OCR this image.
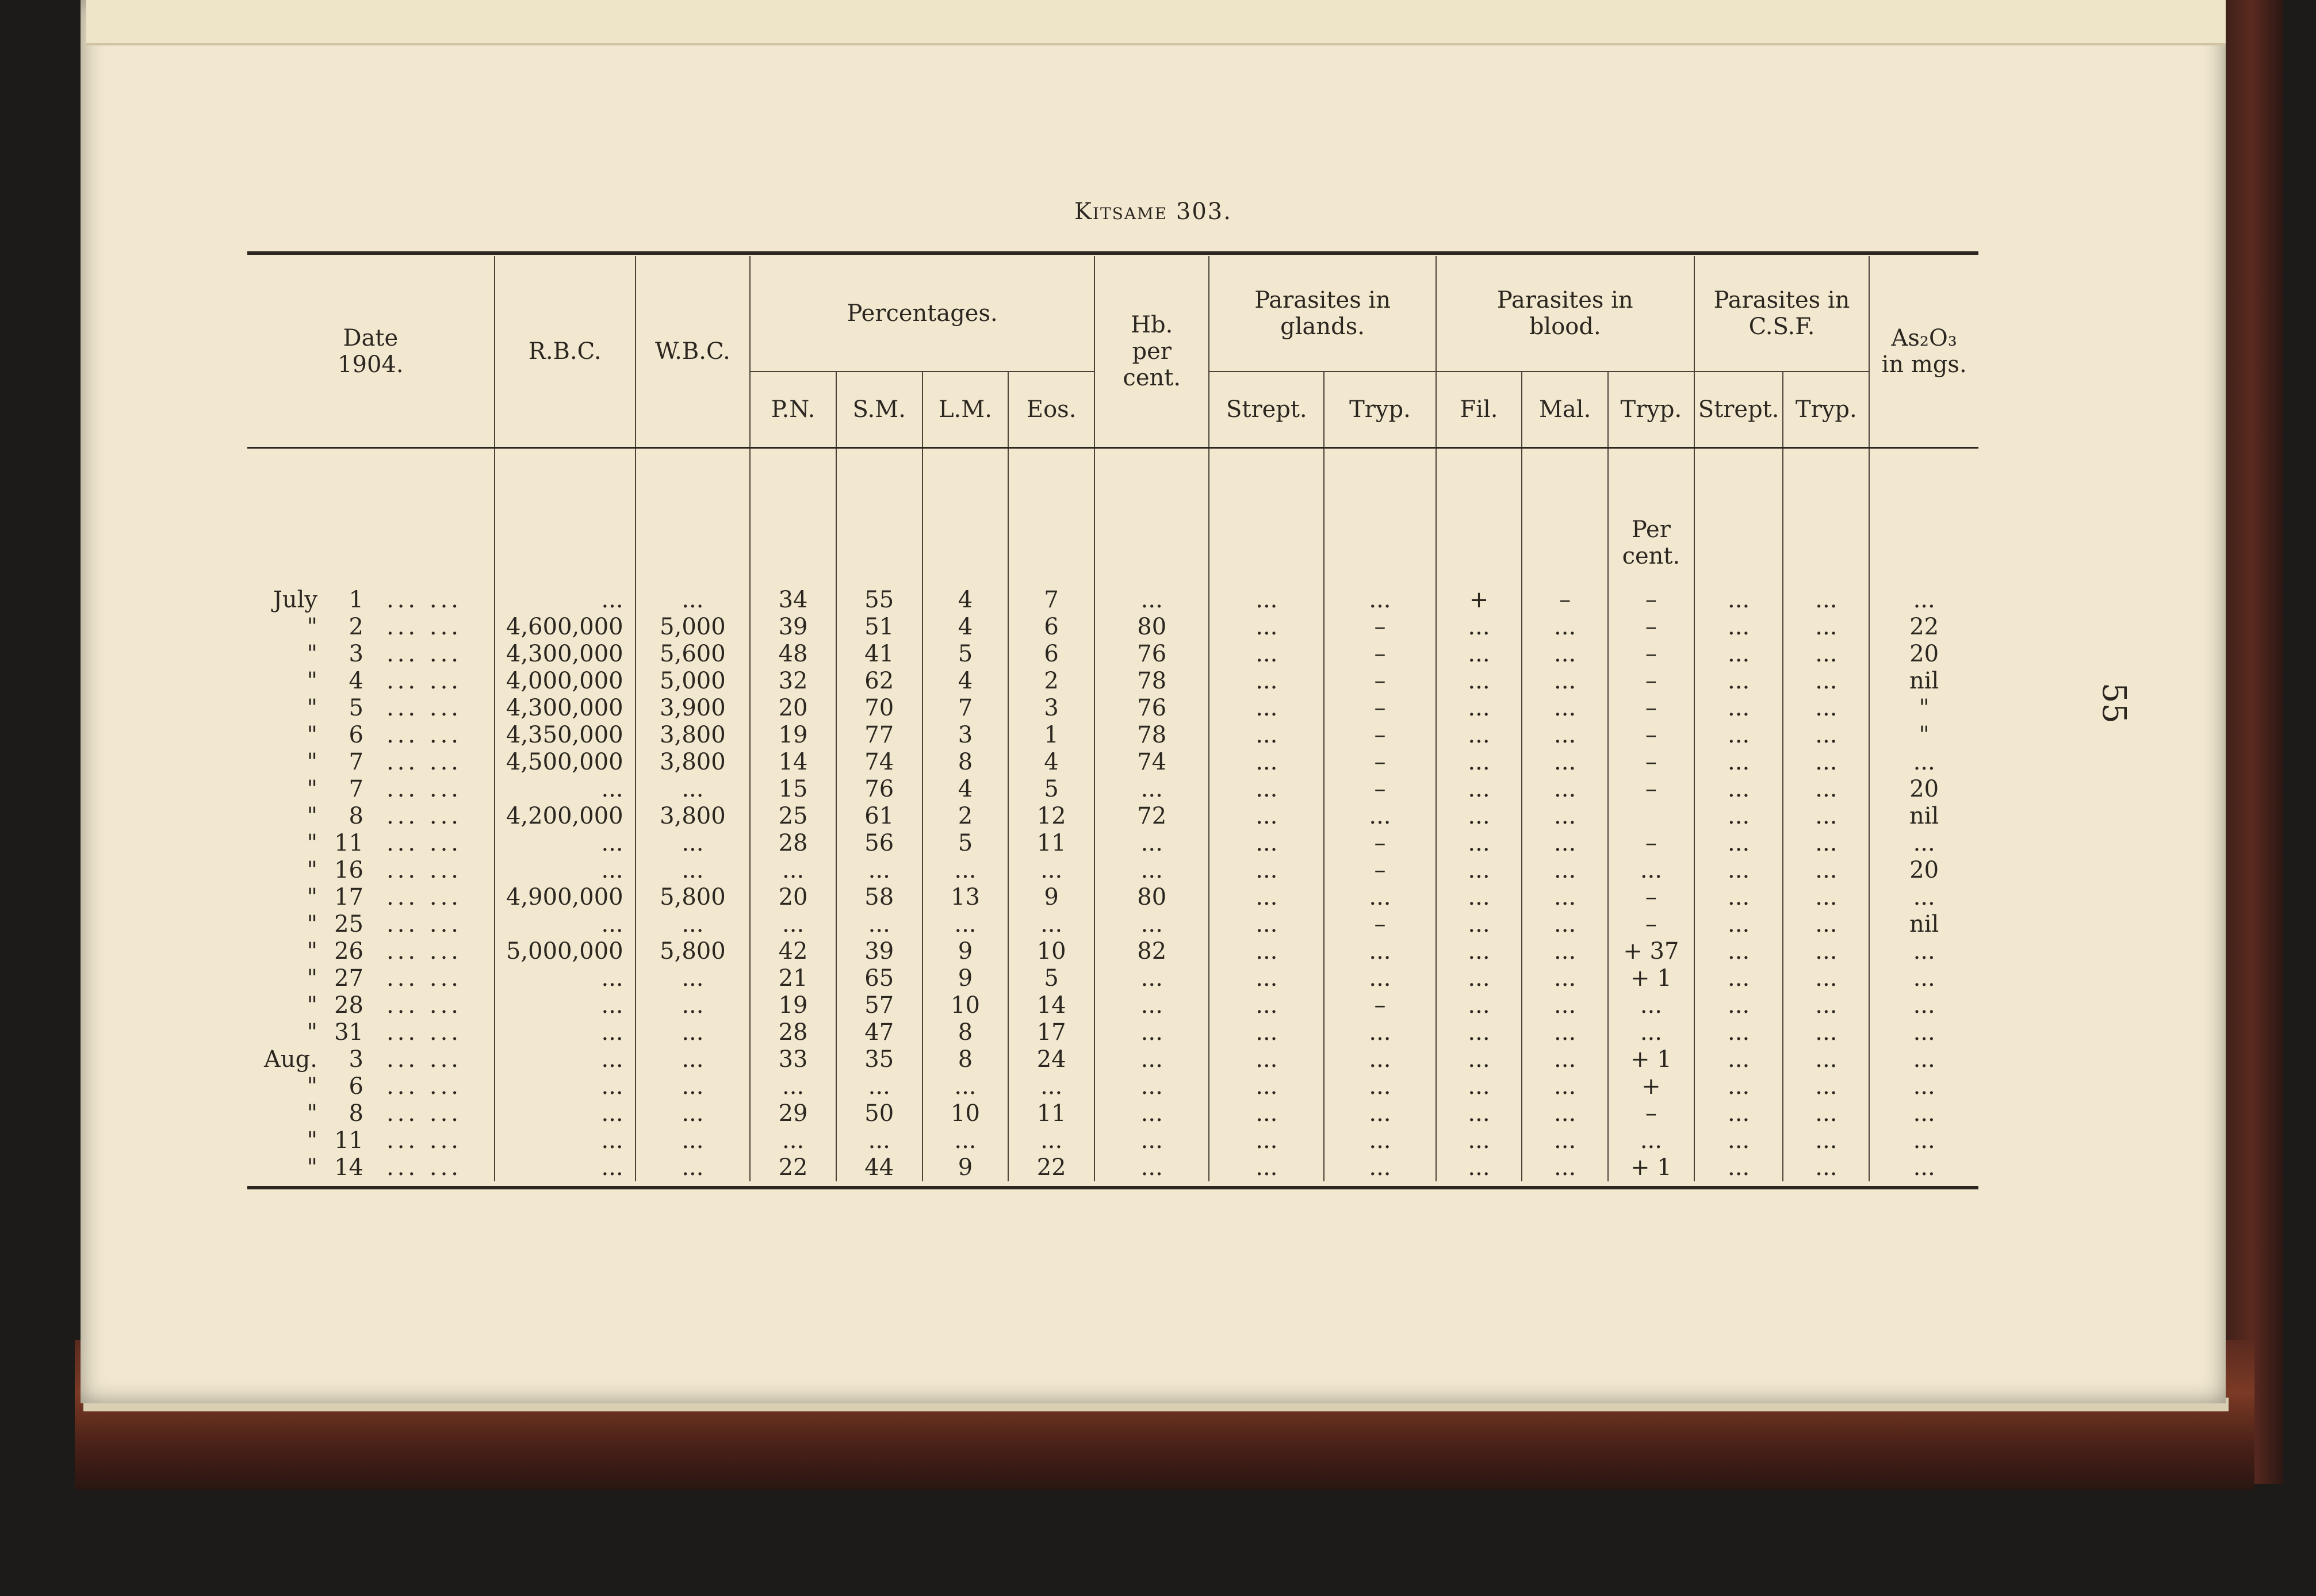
Kitsame 303.
55
Date
1904.	R.B.C.	W.B.C.	Percentages.				Hb.
per
cent.	Parasites in
glands.		Parasites in
blood.			Parasites in
C.S.F.		As₂O₃
in mgs.
			P.N.	S.M.	L.M.	Eos.		Strept.	Tryp.	Fil.	Mal.	Tryp.	Strept.	Tryp.	
												Per
cent.			
July 1 ... ...	...	...	34	55	4	7	...	...	...	+	–	–	...	...	...
" 2 ... ...	4,600,000	5,000	39	51	4	6	80	...	–	...	...	–	...	...	22
" 3 ... ...	4,300,000	5,600	48	41	5	6	76	...	–	...	...	–	...	...	20
" 4 ... ...	4,000,000	5,000	32	62	4	2	78	...	–	...	...	–	...	...	nil
" 5 ... ...	4,300,000	3,900	20	70	7	3	76	...	–	...	...	–	...	...	"
" 6 ... ...	4,350,000	3,800	19	77	3	1	78	...	–	...	...	–	...	...	"
" 7 ... ...	4,500,000	3,800	14	74	8	4	74	...	–	...	...	–	...	...	...
" 7 ... ...	...	...	15	76	4	5	...	...	–	...	...	–	...	...	20
" 8 ... ...	4,200,000	3,800	25	61	2	12	72	...	...	...	...		...	...	nil
" 11 ... ...	...	...	28	56	5	11	...	...	–	...	...	–	...	...	...
" 16 ... ...	...	...	...	...	...	...	...	...	–	...	...	...	...	...	20
" 17 ... ...	4,900,000	5,800	20	58	13	9	80	...	...	...	...	–	...	...	...
" 25 ... ...	...	...	...	...	...	...	...	...	–	...	...	–	...	...	nil
" 26 ... ...	5,000,000	5,800	42	39	9	10	82	...	...	...	...	+ 37	...	...	...
" 27 ... ...	...	...	21	65	9	5	...	...	...	...	...	+ 1	...	...	...
" 28 ... ...	...	...	19	57	10	14	...	...	–	...	...	...	...	...	...
" 31 ... ...	...	...	28	47	8	17	...	...	...	...	...	...	...	...	...
Aug. 3 ... ...	...	...	33	35	8	24	...	...	...	...	...	+ 1	...	...	...
" 6 ... ...	...	...	...	...	...	...	...	...	...	...	...	+	...	...	...
" 8 ... ...	...	...	29	50	10	11	...	...	...	...	...	–	...	...	...
" 11 ... ...	...	...	...	...	...	...	...	...	...	...	...	...	...	...	...
" 14 ... ...	...	...	22	44	9	22	...	...	...	...	...	+ 1	...	...	...
